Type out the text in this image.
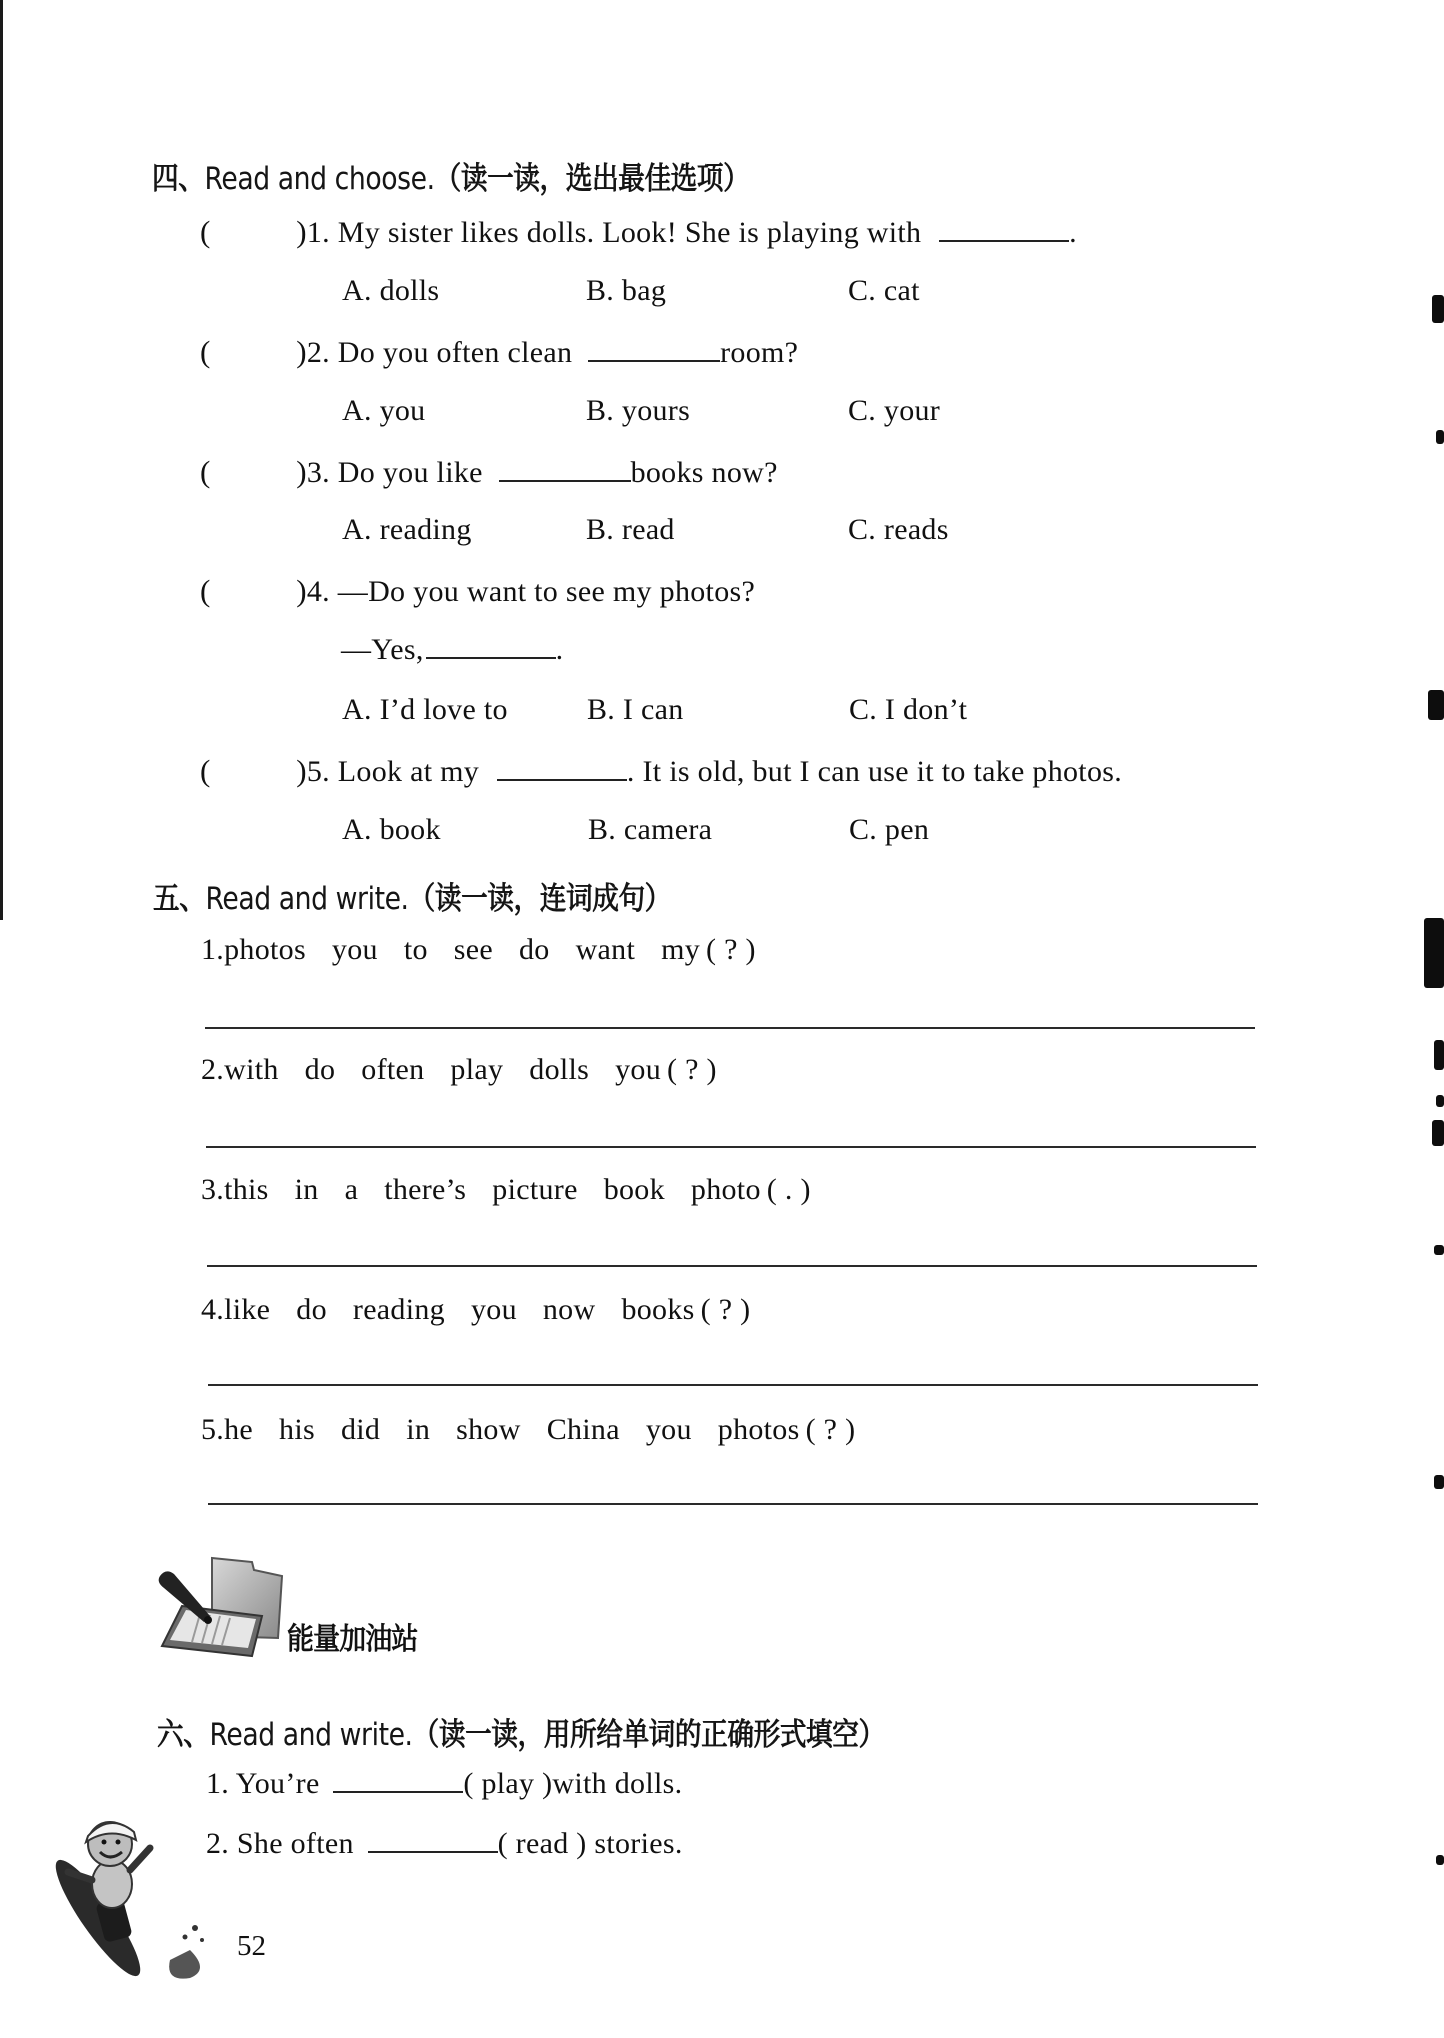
四、Read and choose.（读一读，选出最佳选项）
(	)1. My sister likes dolls. Look! She is playing with	.
A. dolls	B. bag	C. cat
(	)2. Do you often clean	room?
A. you	B. yours	C. your
(	)3. Do you like	books now?
A. reading	B. read	C. reads
(	)4. —Do you want to see my photos?
—Yes,	.
A. I’d love to	B. I can	C. I don’t
(	)5. Look at my	. It is old, but I can use it to take photos.
A. book	B. camera	C. pen
五、Read and write.（读一读，连词成句）
1.photos you to see do want my ( ? )
2.with do often play dolls you ( ? )
3.this in a there’s picture book photo ( . )
4.like do reading you now books ( ? )
5.he his did in show China you photos ( ? )
能量加油站
六、Read and write.（读一读，用所给单词的正确形式填空）
1. You’re	( play )with dolls.
2. She often	( read ) stories.
52
